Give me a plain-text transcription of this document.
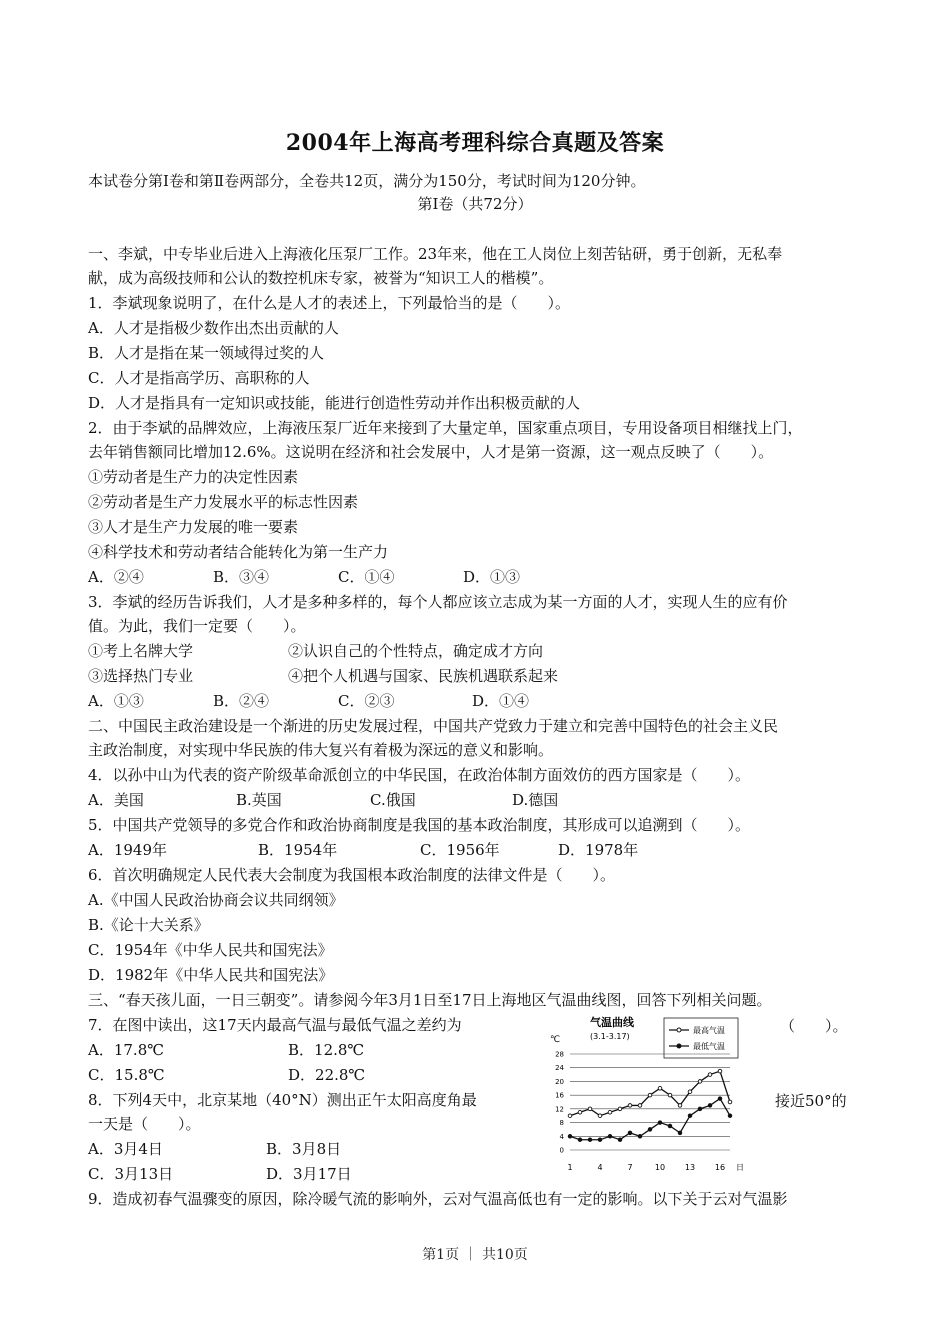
2004年上海高考理科综合真题及答案
本试卷分第Ⅰ卷和第Ⅱ卷两部分，全卷共12页，满分为150分，考试时间为120分钟。
第Ⅰ卷（共72分）
一、李斌，中专毕业后进入上海液化压泵厂工作。23年来，他在工人岗位上刻苦钻研，勇于创新，无私奉
献，成为高级技师和公认的数控机床专家，被誉为“知识工人的楷模”。
1．李斌现象说明了，在什么是人才的表述上，下列最恰当的是（　　）。
A．人才是指极少数作出杰出贡献的人
B．人才是指在某一领域得过奖的人
C．人才是指高学历、高职称的人
D．人才是指具有一定知识或技能，能进行创造性劳动并作出积极贡献的人
2．由于李斌的品牌效应，上海液压泵厂近年来接到了大量定单，国家重点项目，专用设备项目相继找上门，
去年销售额同比增加12.6%。这说明在经济和社会发展中，人才是第一资源，这一观点反映了（　　）。
①劳动者是生产力的决定性因素
②劳动者是生产力发展水平的标志性因素
③人才是生产力发展的唯一要素
④科学技术和劳动者结合能转化为第一生产力
A．②④	B．③④	C．①④	D．①③
3．李斌的经历告诉我们，人才是多种多样的，每个人都应该立志成为某一方面的人才，实现人生的应有价
值。为此，我们一定要（　　）。
①考上名牌大学	②认识自己的个性特点，确定成才方向
③选择热门专业	④把个人机遇与国家、民族机遇联系起来
A．①③	B．②④	C．②③	D．①④
二、中国民主政治建设是一个渐进的历史发展过程，中国共产党致力于建立和完善中国特色的社会主义民
主政治制度，对实现中华民族的伟大复兴有着极为深远的意义和影响。
4．以孙中山为代表的资产阶级革命派创立的中华民国，在政治体制方面效仿的西方国家是（　　）。
A．美国	B.英国	C.俄国	D.德国
5．中国共产党领导的多党合作和政治协商制度是我国的基本政治制度，其形成可以追溯到（　　）。
A．1949年	B．1954年	C．1956年	D．1978年
6．首次明确规定人民代表大会制度为我国根本政治制度的法律文件是（　　）。
A.《中国人民政治协商会议共同纲领》
B.《论十大关系》
C．1954年《中华人民共和国宪法》
D．1982年《中华人民共和国宪法》
三、“春天孩儿面，一日三朝变”。请参阅今年3月1日至17日上海地区气温曲线图，回答下列相关问题。
7．在图中读出，这17天内最高气温与最低气温之差约为	（　　）。
A．17.8℃	B．12.8℃
C．15.8℃	D．22.8℃
8．下列4天中，北京某地（40°N）测出正午太阳高度角最	接近50°的
一天是（　　）。
A．3月4日	B．3月8日
C．3月13日	D．3月17日
9．造成初春气温骤变的原因，除冷暖气流的影响外，云对气温高低也有一定的影响。以下关于云对气温影
气温曲线
(3.1-3.17)
℃
日
最高气温
最低气温
28
24
20
16
12
8
4
0
1	4	7	10 13 16
第1页 ｜ 共10页
